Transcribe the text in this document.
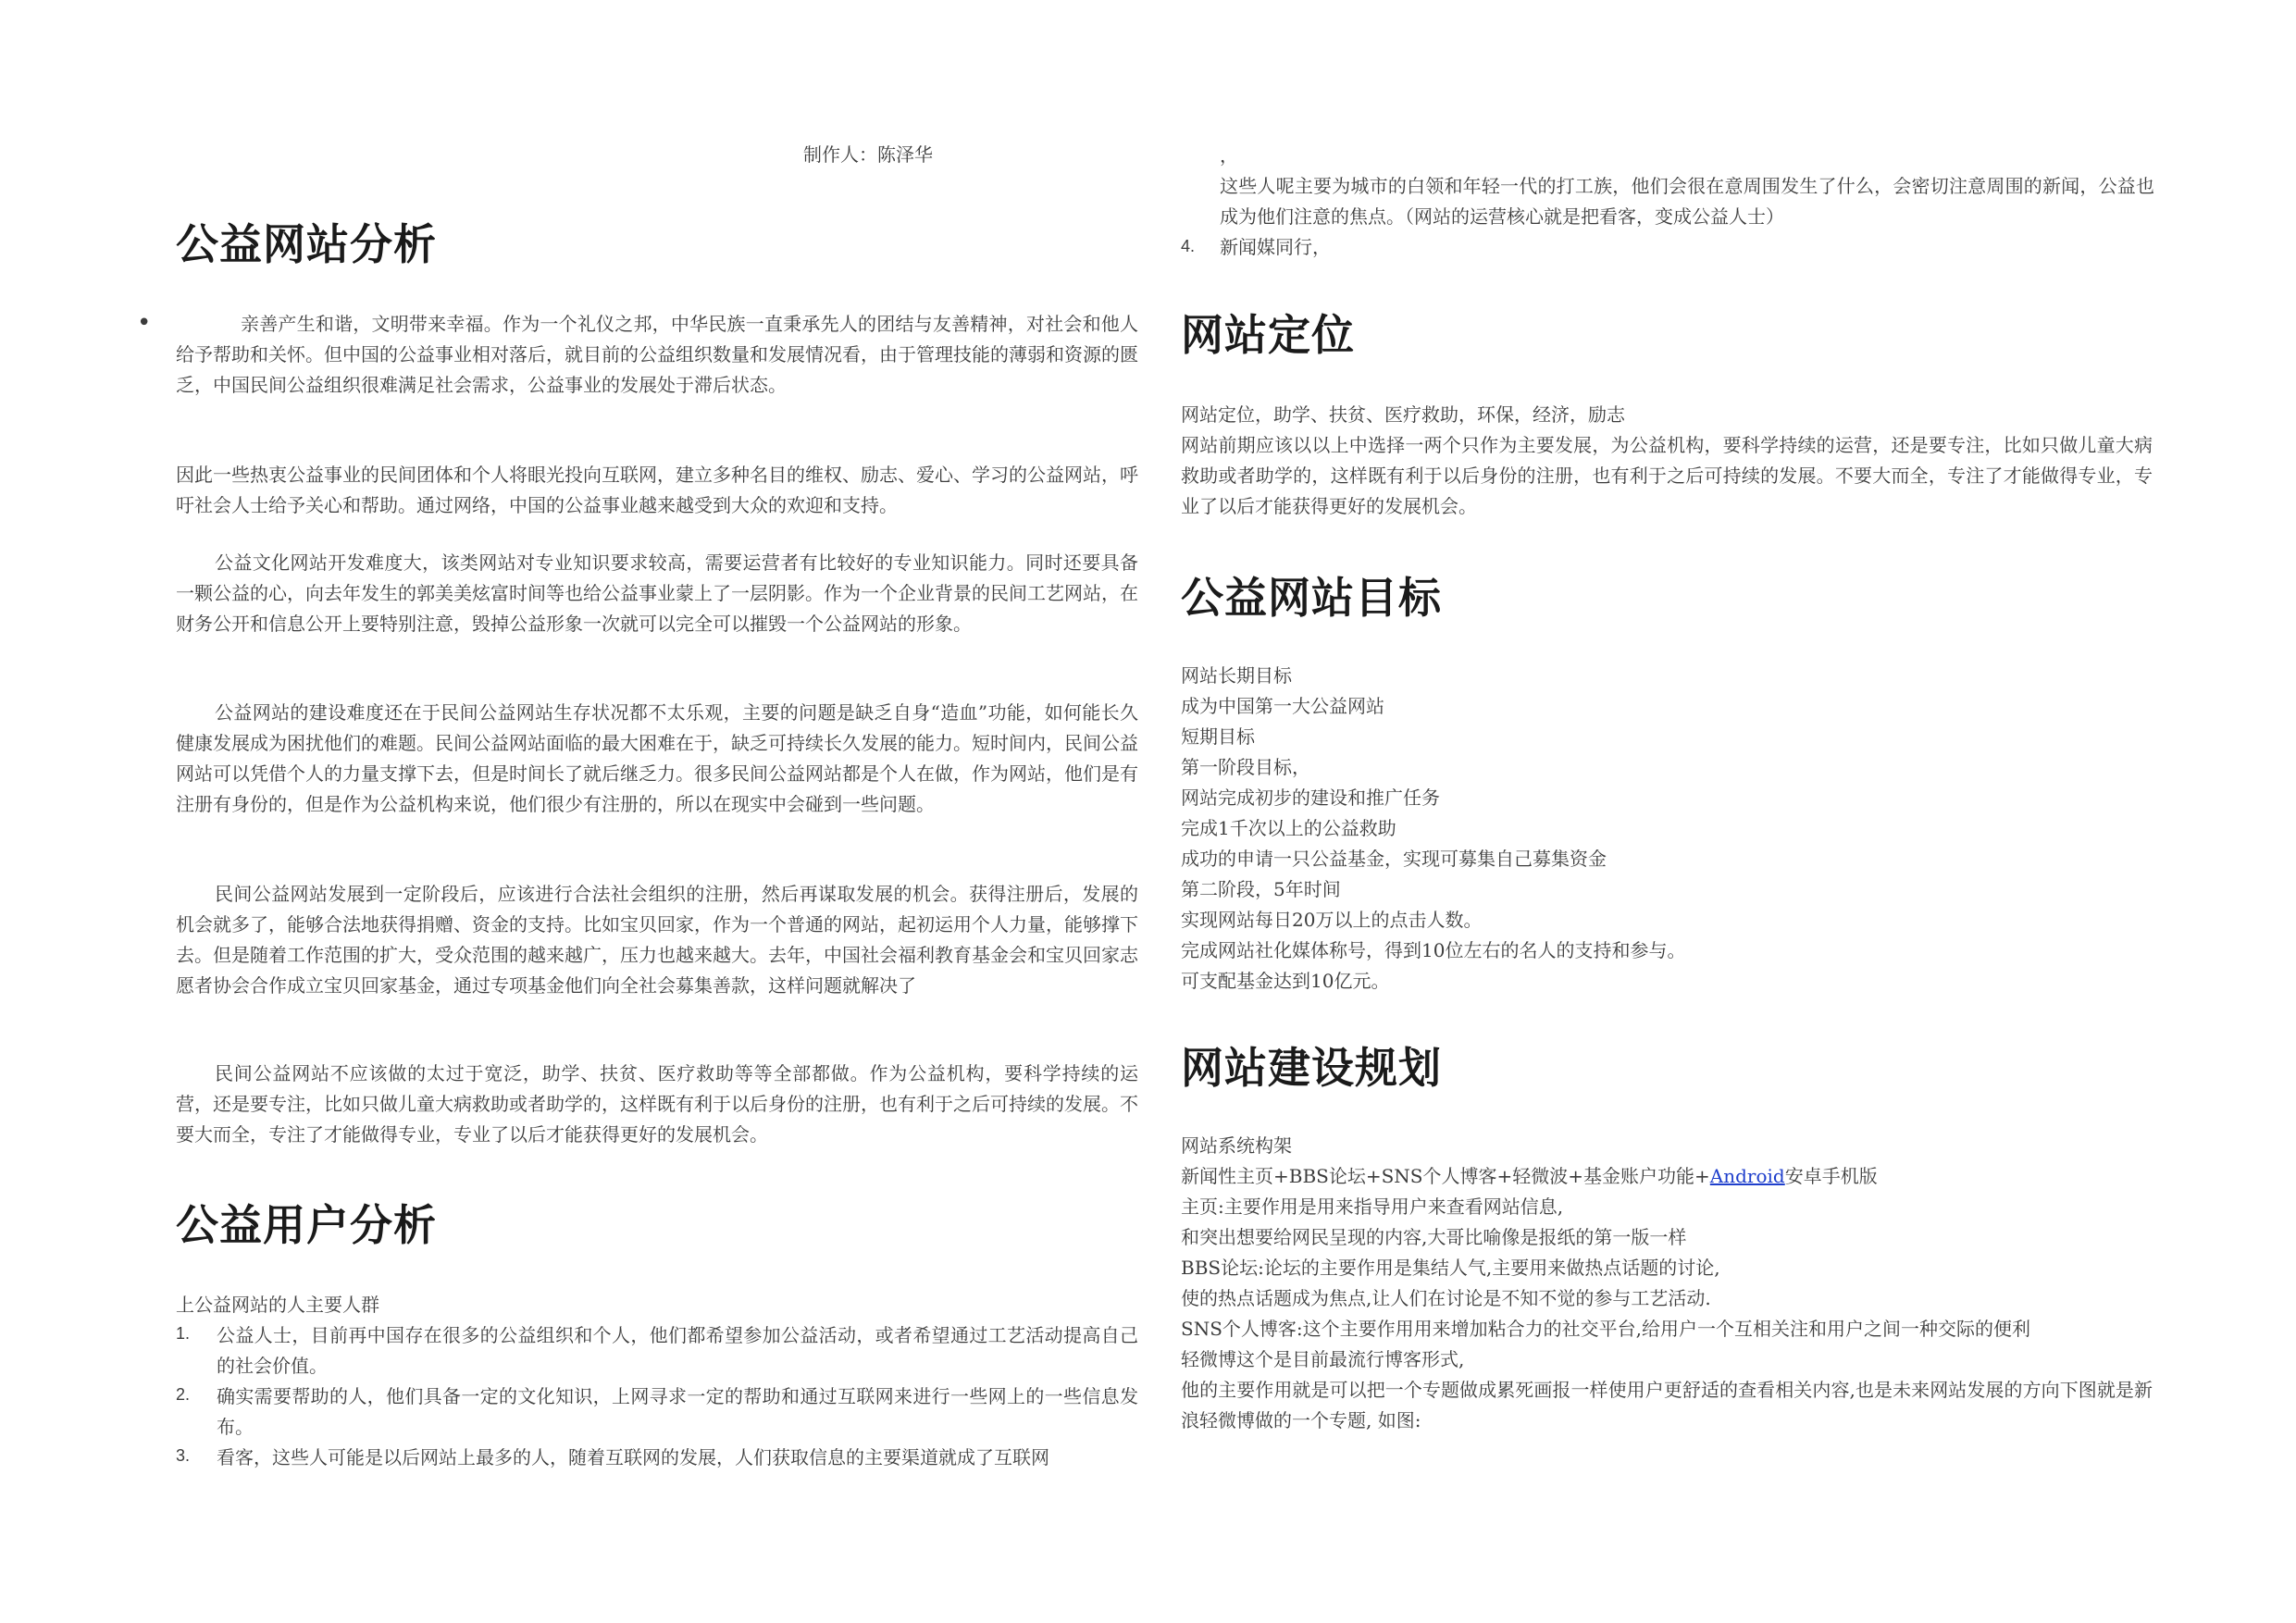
制作人：陈泽华
公益网站分析
•	亲善产生和谐，文明带来幸福。作为一个礼仪之邦，中华民族一直秉承先人的团结与友善精神，对社会和他人给予帮助和关怀。但中国的公益事业相对落后，就目前的公益组织数量和发展情况看，由于管理技能的薄弱和资源的匮乏，中国民间公益组织很难满足社会需求，公益事业的发展处于滞后状态。

因此一些热衷公益事业的民间团体和个人将眼光投向互联网，建立多种名目的维权、励志、爱心、学习的公益网站，呼吁社会人士给予关心和帮助。通过网络，中国的公益事业越来越受到大众的欢迎和支持。

公益文化网站开发难度大，该类网站对专业知识要求较高，需要运营者有比较好的专业知识能力。同时还要具备一颗公益的心，向去年发生的郭美美炫富时间等也给公益事业蒙上了一层阴影。作为一个企业背景的民间工艺网站，在财务公开和信息公开上要特别注意，毁掉公益形象一次就可以完全可以摧毁一个公益网站的形象。

公益网站的建设难度还在于民间公益网站生存状况都不太乐观，主要的问题是缺乏自身“造血”功能，如何能长久健康发展成为困扰他们的难题。民间公益网站面临的最大困难在于，缺乏可持续长久发展的能力。短时间内，民间公益网站可以凭借个人的力量支撑下去，但是时间长了就后继乏力。很多民间公益网站都是个人在做，作为网站，他们是有注册有身份的，但是作为公益机构来说，他们很少有注册的，所以在现实中会碰到一些问题。

民间公益网站发展到一定阶段后，应该进行合法社会组织的注册，然后再谋取发展的机会。获得注册后，发展的机会就多了，能够合法地获得捐赠、资金的支持。比如宝贝回家，作为一个普通的网站，起初运用个人力量，能够撑下去。但是随着工作范围的扩大，受众范围的越来越广，压力也越来越大。去年，中国社会福利教育基金会和宝贝回家志愿者协会合作成立宝贝回家基金，通过专项基金他们向全社会募集善款，这样问题就解决了

民间公益网站不应该做的太过于宽泛，助学、扶贫、医疗救助等等全部都做。作为公益机构，要科学持续的运营，还是要专注，比如只做儿童大病救助或者助学的，这样既有利于以后身份的注册，也有利于之后可持续的发展。不要大而全，专注了才能做得专业，专业了以后才能获得更好的发展机会。

公益用户分析

上公益网站的人主要人群

1. 公益人士，目前再中国存在很多的公益组织和个人，他们都希望参加公益活动，或者希望通过工艺活动提高自己的社会价值。

2. 确实需要帮助的人，他们具备一定的文化知识，上网寻求一定的帮助和通过互联网来进行一些网上的一些信息发布。

3. 看客，这些人可能是以后网站上最多的人，随着互联网的发展，人们获取信息的主要渠道就成了互联网

，

这些人呢主要为城市的白领和年轻一代的打工族，他们会很在意周围发生了什么，会密切注意周围的新闻，公益也成为他们注意的焦点。（网站的运营核心就是把看客，变成公益人士）

4. 新闻媒同行，

网站定位

网站定位，助学、扶贫、医疗救助，环保，经济，励志

网站前期应该以以上中选择一两个只作为主要发展，为公益机构，要科学持续的运营，还是要专注，比如只做儿童大病救助或者助学的，这样既有利于以后身份的注册，也有利于之后可持续的发展。不要大而全，专注了才能做得专业，专业了以后才能获得更好的发展机会。

公益网站目标

网站长期目标

成为中国第一大公益网站

短期目标

第一阶段目标，

网站完成初步的建设和推广任务

完成1千次以上的公益救助

成功的申请一只公益基金，实现可募集自己募集资金

第二阶段，5年时间

实现网站每日20万以上的点击人数。

完成网站社化媒体称号，得到10位左右的名人的支持和参与。

可支配基金达到10亿元。

网站建设规划

网站系统构架

新闻性主页+BBS论坛+SNS个人博客+轻微波+基金账户功能+Android安卓手机版

主页:主要作用是用来指导用户来查看网站信息,

和突出想要给网民呈现的内容,大哥比喻像是报纸的第一版一样

BBS论坛:论坛的主要作用是集结人气,主要用来做热点话题的讨论,

使的热点话题成为焦点,让人们在讨论是不知不觉的参与工艺活动.

SNS个人博客:这个主要作用用来增加粘合力的社交平台,给用户一个互相关注和用户之间一种交际的便利

轻微博这个是目前最流行博客形式,

他的主要作用就是可以把一个专题做成累死画报一样使用户更舒适的查看相关内容,也是未来网站发展的方向下图就是新浪轻微博做的一个专题, 如图:
